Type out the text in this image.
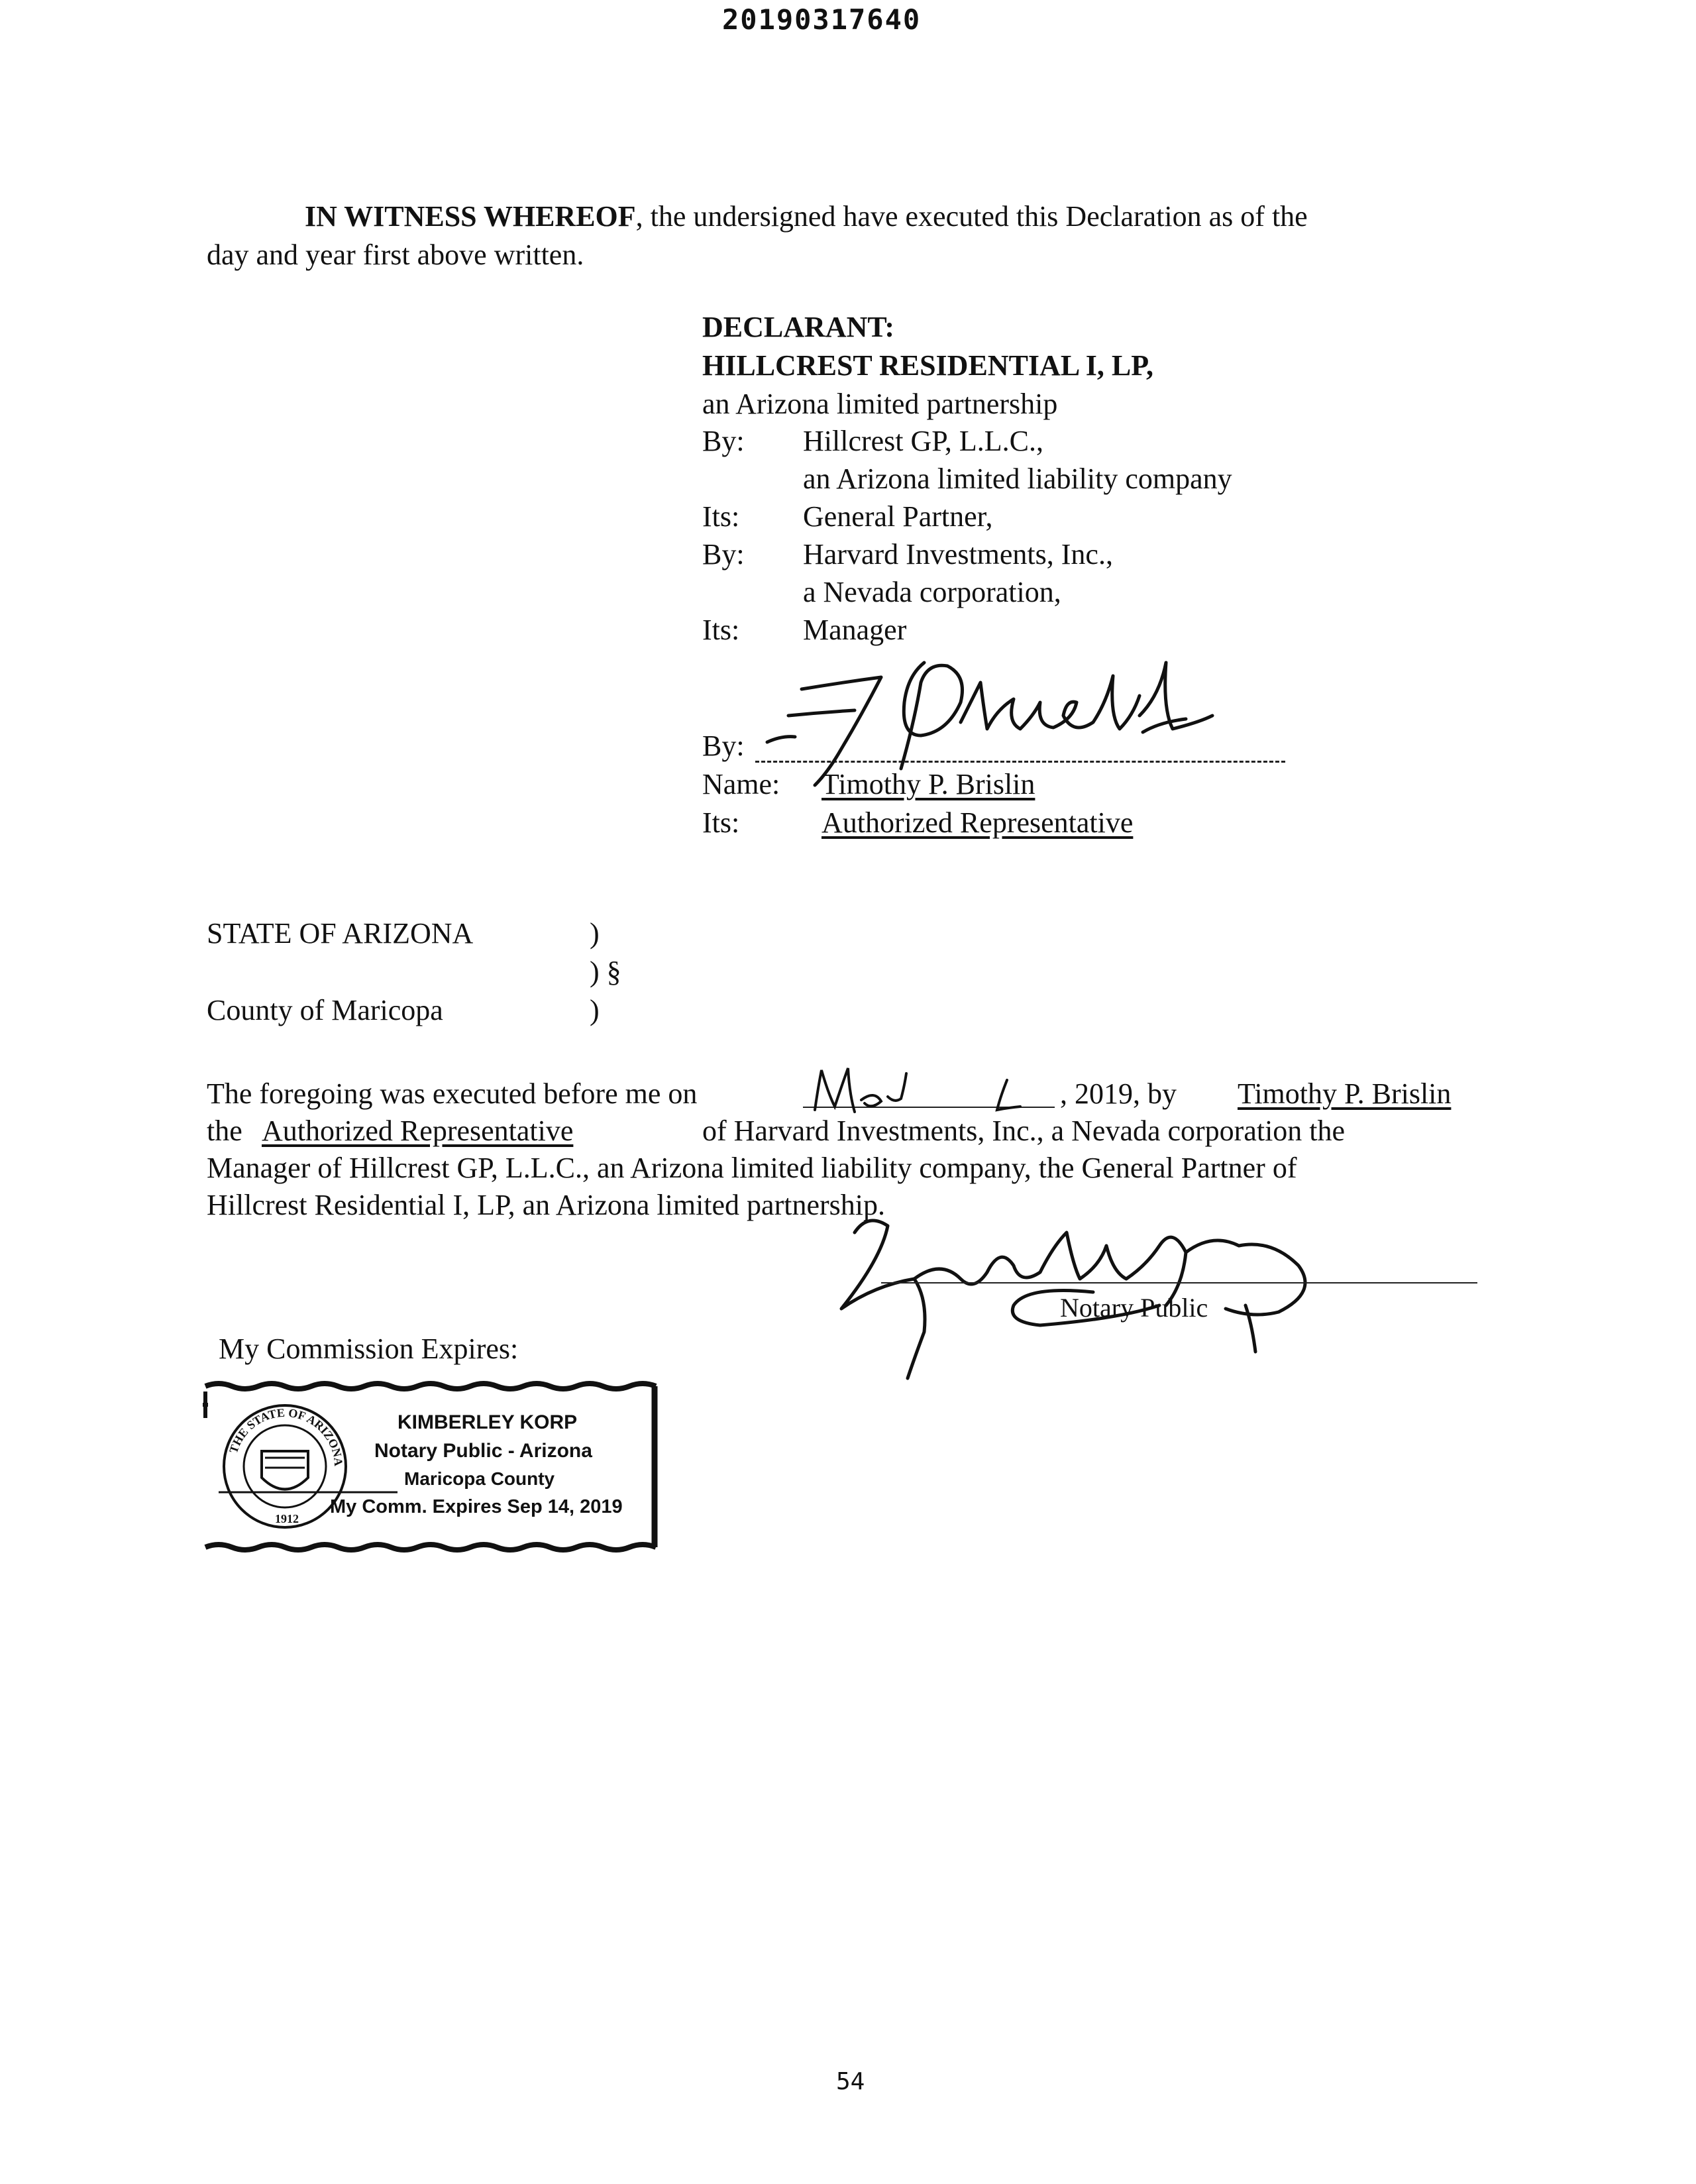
20190317640
IN WITNESS WHEREOF, the undersigned have executed this Declaration as of the
day and year first above written.
DECLARANT:
HILLCREST RESIDENTIAL I, LP,
an Arizona limited partnership
By: Hillcrest GP, L.L.C.,
an Arizona limited liability company
Its: General Partner,
By: Harvard Investments, Inc.,
a Nevada corporation,
Its: Manager
By:
Name: Timothy P. Brislin
Its:	Authorized Representative
STATE OF ARIZONA	)
) §
County of Maricopa	)
The foregoing was executed before me on	, 2019, by Timothy P. Brislin
the Authorized Representative	of Harvard Investments, Inc., a Nevada corporation the
Manager of Hillcrest GP, L.L.C., an Arizona limited liability company, the General Partner of
Hillcrest Residential I, LP, an Arizona limited partnership.
Notary Public
My Commission Expires:
THE STATE OF ARIZONA
1912
KIMBERLEY KORP
Notary Public - Arizona
Maricopa County
My Comm. Expires Sep 14, 2019
54
